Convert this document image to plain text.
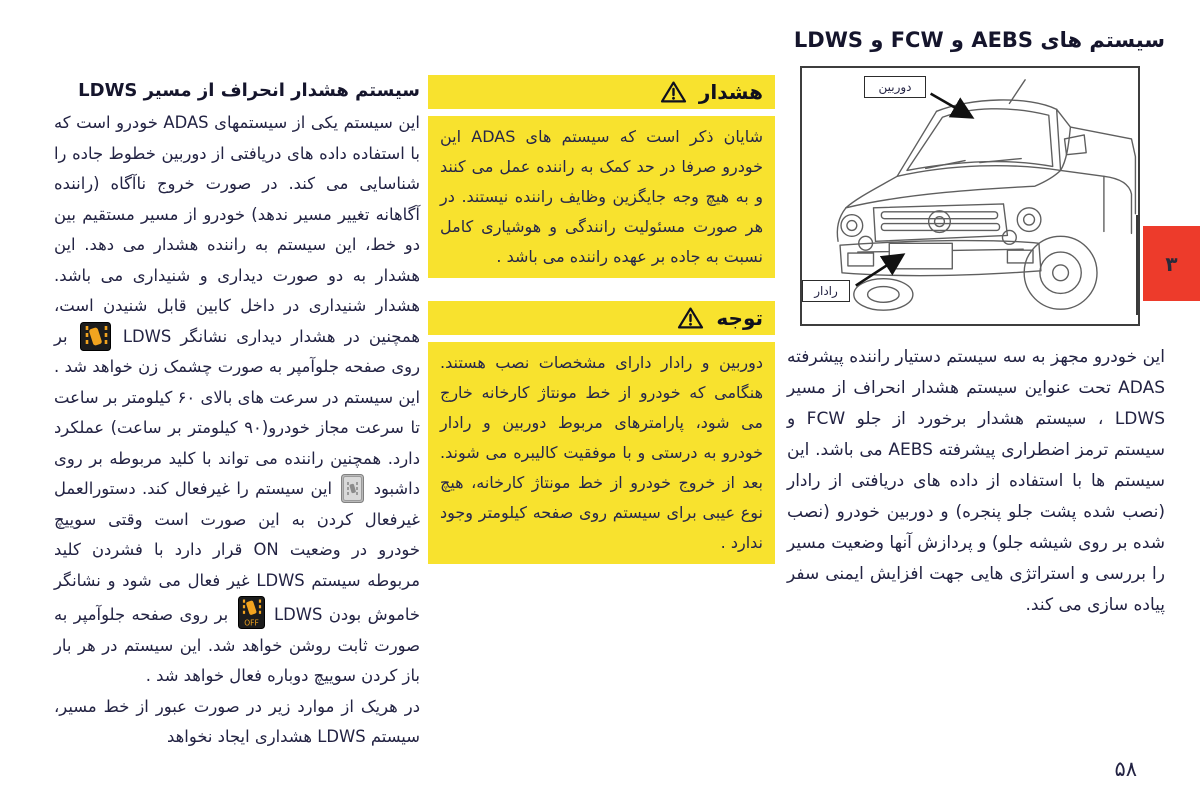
سیستم های AEBS و FCW و LDWS
دوربین
رادار

این خودرو مجهز به سه سیستم دستیار راننده پیشرفته ADAS تحت عنواین سیستم هشدار انحراف از مسیر LDWS ، سیستم هشدار برخورد از جلو FCW و سیستم ترمز اضطراری پیشرفته AEBS می باشد. این سیستم ها با استفاده از داده های دریافتی از رادار (نصب شده پشت جلو پنجره) و دوربین خودرو (نصب شده بر روی شیشه جلو) و پردازش آنها وضعیت مسیر را بررسی و استراتژی هایی جهت افزایش ایمنی سفر پیاده سازی می کند.

هشدار
شایان ذکر است که سیستم های ADAS این خودرو صرفا در حد کمک به راننده عمل می کنند و به هیچ وجه جایگزین وظایف راننده نیستند. در هر صورت مسئولیت رانندگی و هوشیاری کامل نسبت به جاده بر عهده راننده می باشد .
توجه
دوربین و رادار دارای مشخصات نصب هستند. هنگامی که خودرو از خط مونتاژ کارخانه خارج می شود، پارامترهای مربوط دوربین و رادار خودرو به درستی و با موفقیت کالیبره می شوند. بعد از خروج خودرو از خط مونتاژ کارخانه، هیچ نوع عیبی برای سیستم روی صفحه کیلومتر وجود ندارد .
سیستم هشدار انحراف از مسیر LDWS

این سیستم یکی از سیستمهای ADAS خودرو است که با استفاده داده های دریافتی از دوربین خطوط جاده را شناسایی می کند. در صورت خروج ناآگاه (راننده آگاهانه تغییر مسیر ندهد) خودرو از مسیر مستقیم بین دو خط، این سیستم به راننده هشدار می دهد. این هشدار به دو صورت دیداری و شنیداری می باشد. هشدار شنیداری در داخل کابین قابل شنیدن است، همچنین در هشدار دیداری نشانگر LDWS  بر روی صفحه جلوآمپر به صورت چشمک زن خواهد شد . این سیستم در سرعت های بالای ۶۰ کیلومتر بر ساعت تا سرعت مجاز خودرو(۹۰ کیلومتر بر ساعت) عملکرد دارد. همچنین راننده می تواند با کلید مربوطه بر روی داشبود  این سیستم را غیرفعال کند. دستورالعمل غیرفعال کردن به این صورت است وقتی سوییچ خودرو در وضعیت ON قرار دارد با فشردن کلید مربوطه سیستم LDWS غیر فعال می شود و نشانگر خاموش بودن LDWS
OFF
بر روی صفحه جلوآمپر به صورت ثابت روشن خواهد شد. این سیستم در هر بار باز کردن سوییچ دوباره فعال خواهد شد .

در هریک از موارد زیر در صورت عبور از خط مسیر، سیستم LDWS هشداری ایجاد نخواهد

۳
۵۸
